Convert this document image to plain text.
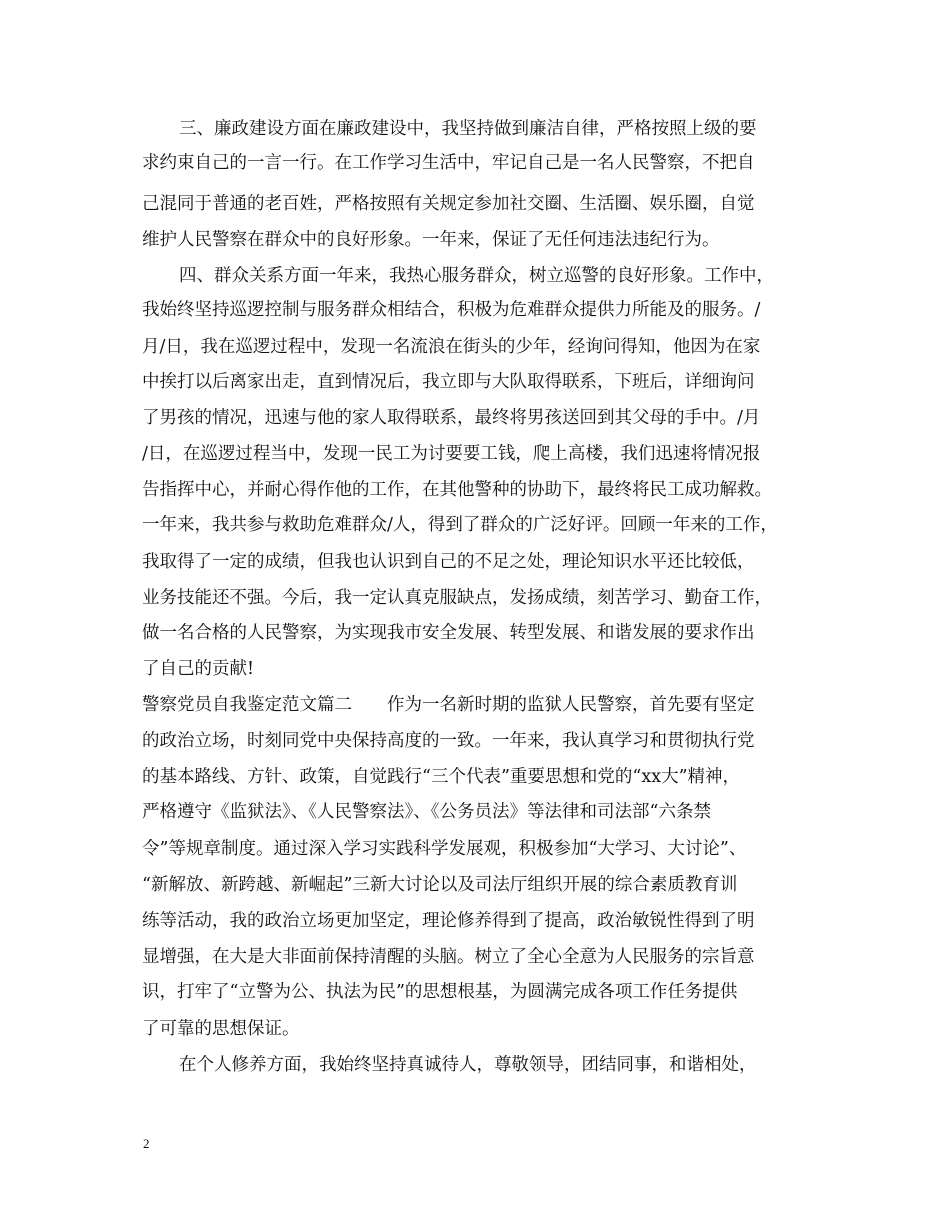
三、廉政建设方面在廉政建设中，我坚持做到廉洁自律，严格按照上级的要
求约束自己的一言一行。在工作学习生活中，牢记自己是一名人民警察，不把自
己混同于普通的老百姓，严格按照有关规定参加社交圈、生活圈、娱乐圈，自觉
维护人民警察在群众中的良好形象。一年来，保证了无任何违法违纪行为。
四、群众关系方面一年来，我热心服务群众，树立巡警的良好形象。工作中，
我始终坚持巡逻控制与服务群众相结合，积极为危难群众提供力所能及的服务。/
月/日，我在巡逻过程中，发现一名流浪在街头的少年，经询问得知，他因为在家
中挨打以后离家出走，直到情况后，我立即与大队取得联系，下班后，详细询问
了男孩的情况，迅速与他的家人取得联系，最终将男孩送回到其父母的手中。/月
/日，在巡逻过程当中，发现一民工为讨要要工钱，爬上高楼，我们迅速将情况报
告指挥中心，并耐心得作他的工作，在其他警种的协助下，最终将民工成功解救。
一年来，我共参与救助危难群众/人，得到了群众的广泛好评。回顾一年来的工作，
我取得了一定的成绩，但我也认识到自己的不足之处，理论知识水平还比较低，
业务技能还不强。今后，我一定认真克服缺点，发扬成绩，刻苦学习、勤奋工作，
做一名合格的人民警察，为实现我市安全发展、转型发展、和谐发展的要求作出
了自己的贡献!
警察党员自我鉴定范文篇二　　作为一名新时期的监狱人民警察，首先要有坚定
的政治立场，时刻同党中央保持高度的一致。一年来，我认真学习和贯彻执行党
的基本路线、方针、政策，自觉践行“三个代表”重要思想和党的“xx大”精神，
严格遵守《监狱法》、《人民警察法》、《公务员法》等法律和司法部“六条禁
令”等规章制度。通过深入学习实践科学发展观，积极参加“大学习、大讨论”、
“新解放、新跨越、新崛起”三新大讨论以及司法厅组织开展的综合素质教育训
练等活动，我的政治立场更加坚定，理论修养得到了提高，政治敏锐性得到了明
显增强，在大是大非面前保持清醒的头脑。树立了全心全意为人民服务的宗旨意
识，打牢了“立警为公、执法为民”的思想根基，为圆满完成各项工作任务提供
了可靠的思想保证。
在个人修养方面，我始终坚持真诚待人，尊敬领导，团结同事，和谐相处，
2
